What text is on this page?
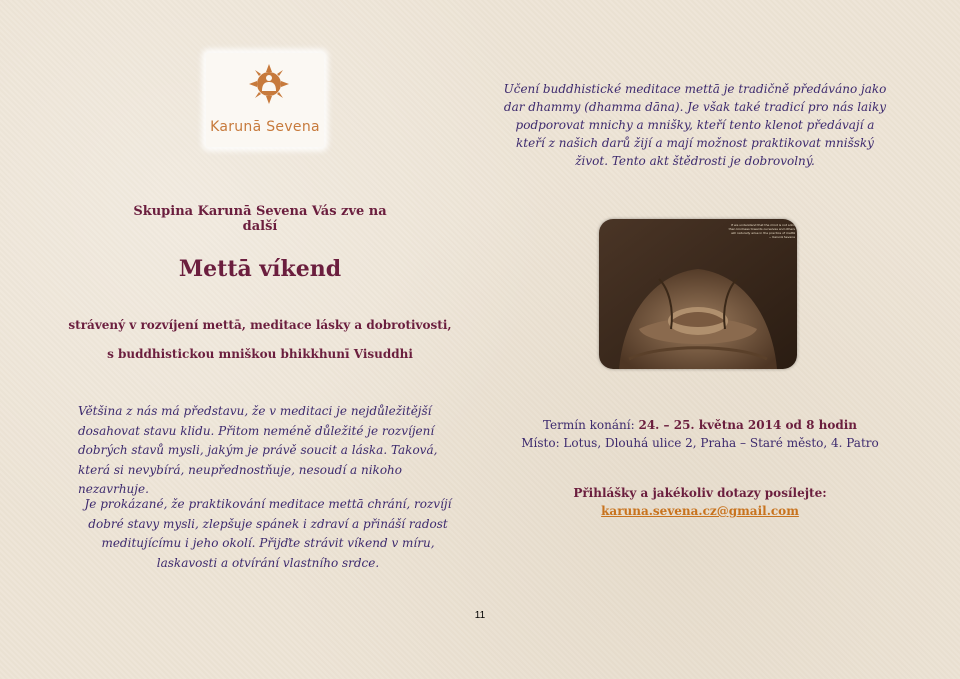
Karunā Sevena
Učení buddhistické meditace mettā je tradičně předáváno jako dar dhammy (dhamma dāna). Je však také tradicí pro nás laiky podporovat mnichy a mnišky, kteří tento klenot předávají a kteří z našich darů žijí a mají možnost praktikovat mnišský život. Tento akt štědrosti je dobrovolný.
Skupina Karunā Sevena Vás zve na další
Mettā víkend
strávený v rozvíjení mettā, meditace lásky a dobrotivosti,
s buddhistickou mniškou bhikkhunī Visuddhi
Většina z nás má představu, že v meditaci je nejdůležitější
dosahovat stavu klidu. Přitom neméně důležité je rozvíjení
dobrých stavů mysli, jakým je právě soucit a láska. Taková,
která si nevybírá, neupřednostňuje, nesoudí a nikoho nezavrhuje.
Je prokázané, že praktikování meditace mettā chrání, rozvíjí dobré stavy mysli, zlepšuje spánek i zdraví a přináší radost meditujícímu i jeho okolí. Přijďte strávit víkend v míru, laskavosti a otvírání vlastního srdce.
If we understand that the mind is not solid
then kindness towards ourselves and others
will naturally arise in the practice of mettā
~ Karunā Sevena
Termín konání: 24. – 25. května 2014 od 8 hodin
Místo: Lotus, Dlouhá ulice 2, Praha – Staré město, 4. Patro
Přihlášky a jakékoliv dotazy posílejte:
karuna.sevena.cz@gmail.com
11
